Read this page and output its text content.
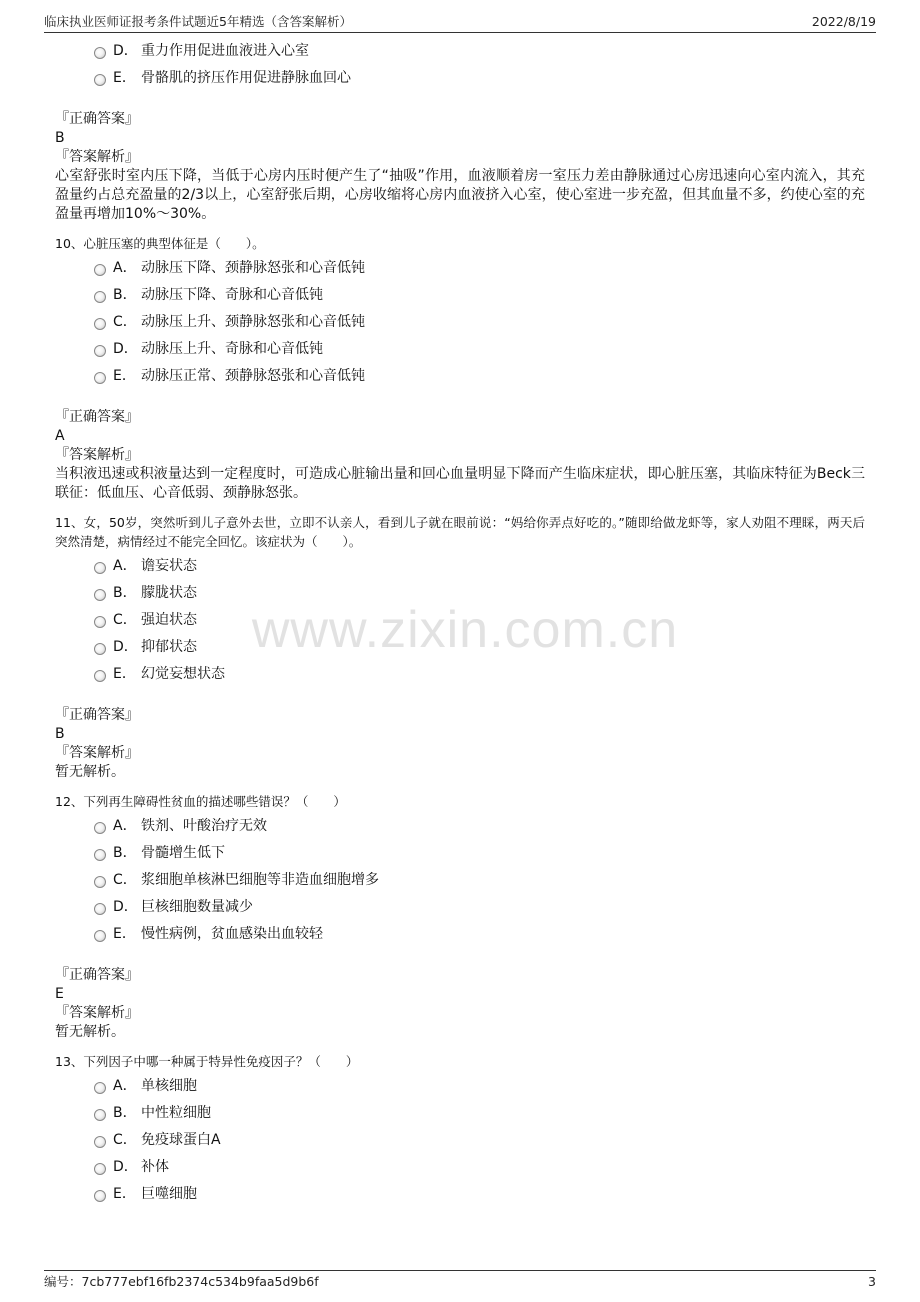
临床执业医师证报考条件试题近5年精选（含答案解析）	2022/8/19
www.zixin.com.cn
D． 重力作用促进血液进入心室
E． 骨骼肌的挤压作用促进静脉血回心
『正确答案』
B
『答案解析』
心室舒张时室内压下降，当低于心房内压时便产生了“抽吸”作用，血液顺着房一室压力差由静脉通过心房迅速向心室内流入，其充盈量约占总充盈量的2/3以上，心室舒张后期，心房收缩将心房内血液挤入心室，使心室进一步充盈，但其血量不多，约使心室的充盈量再增加10%～30%。
10、心脏压塞的典型体征是（　　）。
A． 动脉压下降、颈静脉怒张和心音低钝
B． 动脉压下降、奇脉和心音低钝
C． 动脉压上升、颈静脉怒张和心音低钝
D． 动脉压上升、奇脉和心音低钝
E． 动脉压正常、颈静脉怒张和心音低钝
『正确答案』
A
『答案解析』
当积液迅速或积液量达到一定程度时，可造成心脏输出量和回心血量明显下降而产生临床症状，即心脏压塞，其临床特征为Beck三联征：低血压、心音低弱、颈静脉怒张。
11、女，50岁，突然听到儿子意外去世，立即不认亲人，看到儿子就在眼前说：“妈给你弄点好吃的。”随即给做龙虾等，家人劝阻不理睬，两天后突然清楚，病情经过不能完全回忆。该症状为（　　）。
A． 谵妄状态
B． 朦胧状态
C． 强迫状态
D． 抑郁状态
E． 幻觉妄想状态
『正确答案』
B
『答案解析』
暂无解析。
12、下列再生障碍性贫血的描述哪些错误？（　　）
A． 铁剂、叶酸治疗无效
B． 骨髓增生低下
C． 浆细胞单核淋巴细胞等非造血细胞增多
D． 巨核细胞数量减少
E． 慢性病例，贫血感染出血较轻
『正确答案』
E
『答案解析』
暂无解析。
13、下列因子中哪一种属于特异性免疫因子？（　　）
A． 单核细胞
B． 中性粒细胞
C． 免疫球蛋白A
D． 补体
E． 巨噬细胞
编号：7cb777ebf16fb2374c534b9faa5d9b6f	3
